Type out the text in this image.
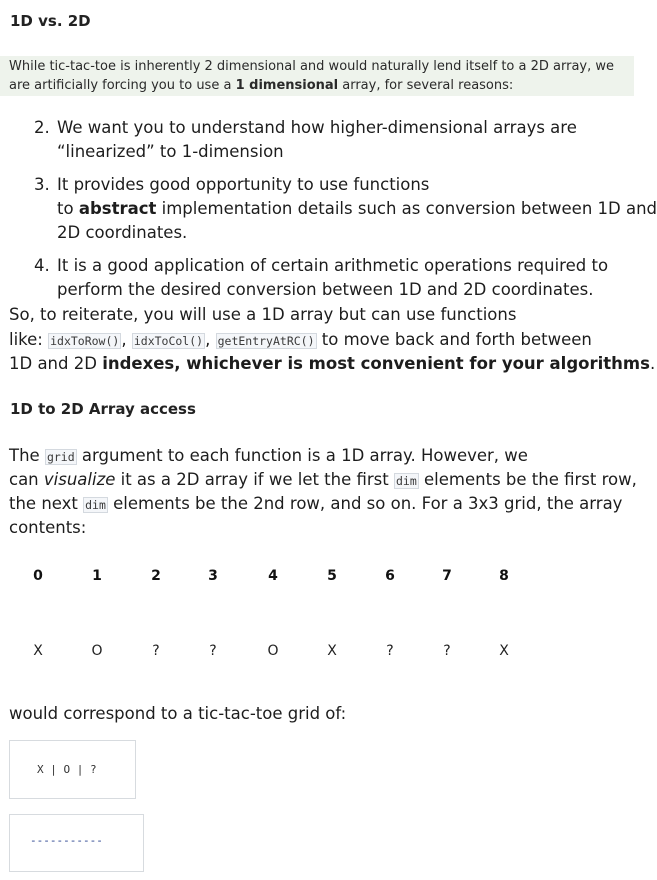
1D vs. 2D

While tic-tac-toe is inherently 2 dimensional and would naturally lend itself to a 2D array, we

are artificially forcing you to use a 1 dimensional array, for several reasons:

2. We want you to understand how higher-dimensional arrays are
“linearized” to 1-dimension
3. It provides good opportunity to use functions
to abstract implementation details such as conversion between 1D and
2D coordinates.
4. It is a good application of certain arithmetic operations required to
perform the desired conversion between 1D and 2D coordinates.
So, to reiterate, you will use a 1D array but can use functions
like: idxToRow() , idxToCol() , getEntryAtRC() to move back and forth between
1D and 2D indexes, whichever is most convenient for your algorithms.
1D to 2D Array access
The grid argument to each function is a 1D array. However, we
can visualize it as a 2D array if we let the first dim elements be the first row,
the next dim elements be the 2nd row, and so on. For a 3x3 grid, the array
contents:
0	1	2	3	4	5	6	7	8
X	O	?	?	O	X	?	?	X
would correspond to a tic-tac-toe grid of:
X | O | ?
-----------
